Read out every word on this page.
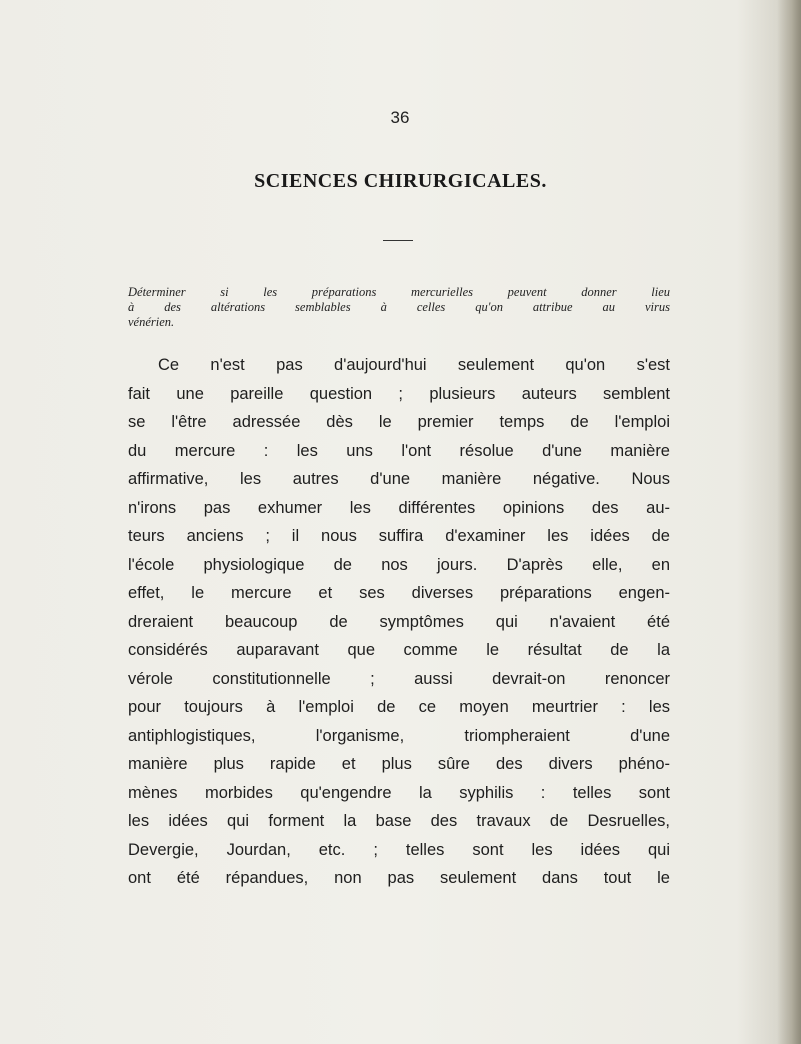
36
SCIENCES CHIRURGICALES.
Déterminer si les préparations mercurielles peuvent donner lieu
à des altérations semblables à celles qu'on attribue au virus
vénérien.
Ce n'est pas d'aujourd'hui seulement qu'on s'est
fait une pareille question ; plusieurs auteurs semblent
se l'être adressée dès le premier temps de l'emploi
du mercure : les uns l'ont résolue d'une manière
affirmative, les autres d'une manière négative. Nous
n'irons pas exhumer les différentes opinions des au-
teurs anciens ; il nous suffira d'examiner les idées de
l'école physiologique de nos jours. D'après elle, en
effet, le mercure et ses diverses préparations engen-
dreraient beaucoup de symptômes qui n'avaient été
considérés auparavant que comme le résultat de la
vérole constitutionnelle ; aussi devrait-on renoncer
pour toujours à l'emploi de ce moyen meurtrier : les
antiphlogistiques, l'organisme, triompheraient d'une
manière plus rapide et plus sûre des divers phéno-
mènes morbides qu'engendre la syphilis : telles sont
les idées qui forment la base des travaux de Desruelles,
Devergie, Jourdan, etc. ; telles sont les idées qui
ont été répandues, non pas seulement dans tout le
